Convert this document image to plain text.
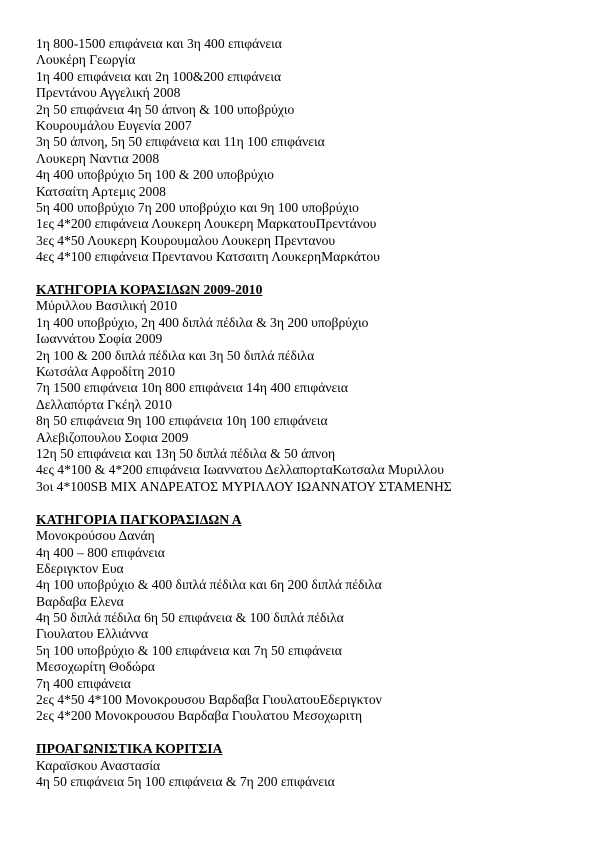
1η 800-1500 επιφάνεια και 3η 400 επιφάνεια
Λουκέρη Γεωργία
1η 400 επιφάνεια και 2η 100&200 επιφάνεια
Πρεντάνου Αγγελική 2008
2η 50 επιφάνεια 4η 50 άπνοη & 100 υποβρύχιο
Κουρουμάλου Ευγενία 2007
3η 50 άπνοη, 5η 50 επιφάνεια και 11η 100 επιφάνεια
Λουκερη Ναντια 2008
4η 400 υποβρύχιο 5η 100 & 200 υποβρύχιο
Κατσαίτη Αρτεμις 2008
5η 400 υποβρύχιο 7η 200 υποβρύχιο και 9η 100 υποβρύχιο
1ες 4*200 επιφάνεια Λουκερη Λουκερη ΜαρκατουΠρεντάνου
3ες 4*50 Λουκερη Κουρουμαλου Λουκερη Πρεντανου
4ες 4*100 επιφάνεια Πρεντανου Κατσαιτη ΛουκερηΜαρκάτου
ΚΑΤΗΓΟΡΙΑ ΚΟΡΑΣΙΔΩΝ 2009-2010
Μύριλλου Βασιλική 2010
1η 400 υποβρύχιο, 2η 400 διπλά πέδιλα & 3η 200 υποβρύχιο
Ιωαννάτου Σοφία 2009
2η 100 & 200 διπλά πέδιλα και 3η 50 διπλά πέδιλα
Κωτσάλα Αφροδίτη 2010
7η 1500 επιφάνεια 10η 800 επιφάνεια 14η 400 επιφάνεια
Δελλαπόρτα Γκέηλ 2010
8η 50 επιφάνεια 9η 100 επιφάνεια 10η 100 επιφάνεια
Αλεβιζοπουλου Σοφια 2009
12η 50 επιφάνεια και 13η 50 διπλά πέδιλα & 50 άπνοη
4ες 4*100 & 4*200 επιφάνεια Ιωαννατου ΔελλαπορταΚωτσαλα Μυριλλου
3οι 4*100SB ΜΙΧ ΑΝΔΡΕΑΤΟΣ ΜΥΡΙΛΛΟΥ ΙΩΑΝΝΑΤΟΥ ΣΤΑΜΕΝΗΣ
ΚΑΤΗΓΟΡΙΑ ΠΑΓΚΟΡΑΣΙΔΩΝ Α
Μονοκρούσου Δανάη
4η 400 – 800 επιφάνεια
Εδεριγκτον Ευα
4η 100 υποβρύχιο & 400 διπλά πέδιλα και 6η 200 διπλά πέδιλα
Βαρδαβα Ελενα
4η 50 διπλά πέδιλα 6η 50 επιφάνεια & 100 διπλά πέδιλα
Γιουλατου Ελλιάννα
5η 100 υποβρύχιο & 100 επιφάνεια και 7η 50 επιφάνεια
Μεσοχωρίτη Θοδώρα
7η 400 επιφάνεια
2ες 4*50 4*100 Μονοκρουσου Βαρδαβα ΓιουλατουΕδεριγκτον
2ες 4*200 Μονοκρουσου Βαρδαβα Γιουλατου Μεσοχωριτη
ΠΡΟΑΓΩΝΙΣΤΙΚΑ ΚΟΡΙΤΣΙΑ
Καραϊσκου Αναστασία
4η 50 επιφάνεια 5η 100 επιφάνεια & 7η 200 επιφάνεια
